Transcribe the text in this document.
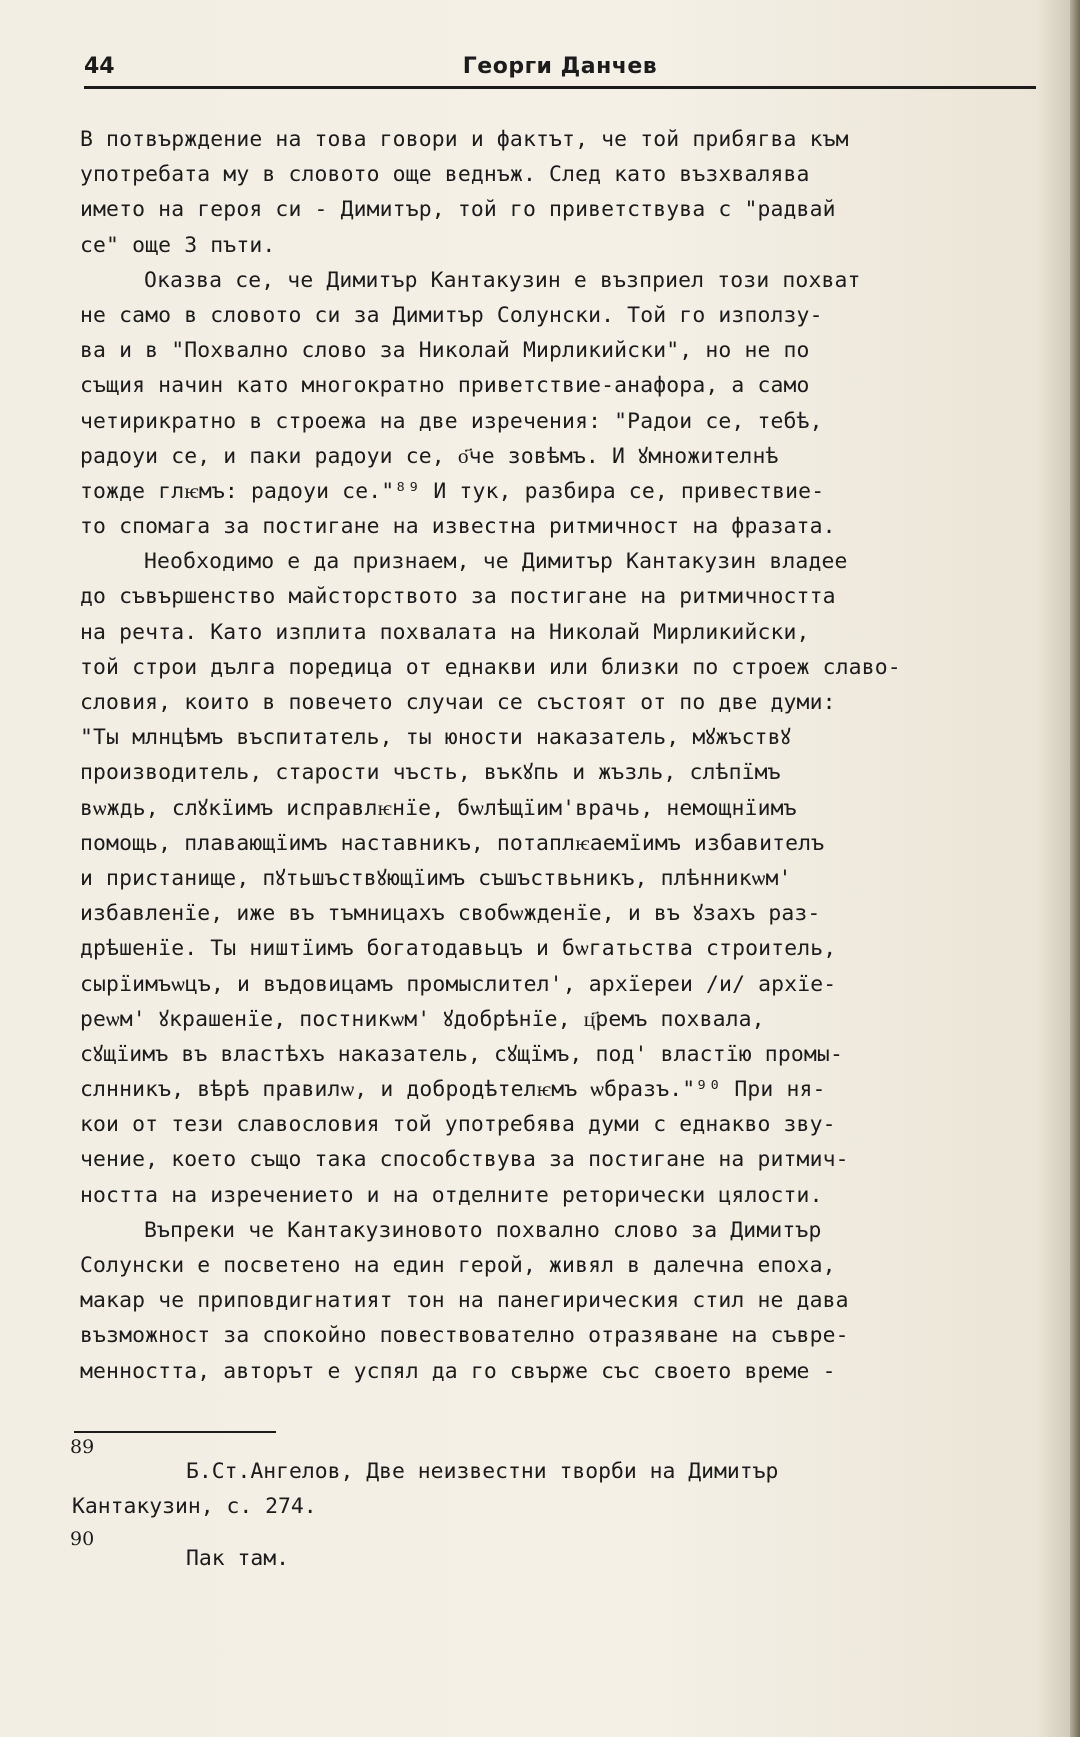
44	Георги Данчев
В потвърждение на това говори и фактът, че той прибягва към
употребата му в словото още веднъж. След като възхвалява
името на героя си - Димитър, той го приветствува с "радвай
се" още 3 пъти.
Оказва се, че Димитър Кантакузин е възприел този похват
не само в словото си за Димитър Солунски. Той го използу-
ва и в "Похвално слово за Николай Мирликийски", но не по
същия начин като многократно приветствие-анафора, а само
четирикратно в строежа на две изречения: "Радои се, тебѣ,
радоуи се, и паки радоуи се, о҃че зовѣмъ. И ꙋмножителнѣ
тожде глѥмъ: радоуи се."⁸⁹ И тук, разбира се, привествие-
то спомага за постигане на известна ритмичност на фразата.
Необходимо е да признаем, че Димитър Кантакузин владее
до съвършенство майсторството за постигане на ритмичността
на речта. Като изплита похвалата на Николай Мирликийски,
той строи дълга поредица от еднакви или близки по строеж славо-
словия, които в повечето случаи се състоят от по две думи:
"Ты млнцѣмъ въспитатель, ты юности наказатель, мꙋжъствꙋ
производитель, старости чъсть, въкꙋпь и жъзль, слѣпїмъ
вѡждь, слꙋкїимъ исправлѥнїе, бѡлѣщїим'врачь, немощнїимъ
помощь, плавающїимъ наставникъ, потаплѥаемїимъ избавителъ
и пристанище, пꙋтьшъствꙋющїимъ съшъствьникъ, плѣнникѡм'
избавленїе, иже въ тъмницахъ свобѡжденїе, и въ ꙋзахъ раз-
дрѣшенїе. Ты ништїимъ богатодавьцъ и бѡгатьства строитель,
сырїимъѡцъ, и въдовицамъ промыслител', архїереи /и/ архїе-
реѡм' ꙋкрашенїе, постникѡм' ꙋдобрѣнїе, ц҃ремъ похвала,
сꙋщїимъ въ властѣхъ наказатель, сꙋщїмъ, под' властїю промы-
слнникъ, вѣрѣ правилѡ, и добродѣтелѥмъ ѡбразъ."⁹⁰ При ня-
кои от тези славословия той употребява думи с еднакво зву-
чение, което също така способствува за постигане на ритмич-
ността на изречението и на отделните реторически цялости.
Въпреки че Кантакузиновото похвално слово за Димитър
Солунски е посветено на един герой, живял в далечна епоха,
макар че приповдигнатият тон на панегирическия стил не дава
възможност за спокойно повествователно отразяване на съвре-
менността, авторът е успял да го свърже със своето време -
89
Б.Ст.Ангелов, Две неизвестни творби на Димитър
Кантакузин, с. 274.
90
Пак там.
